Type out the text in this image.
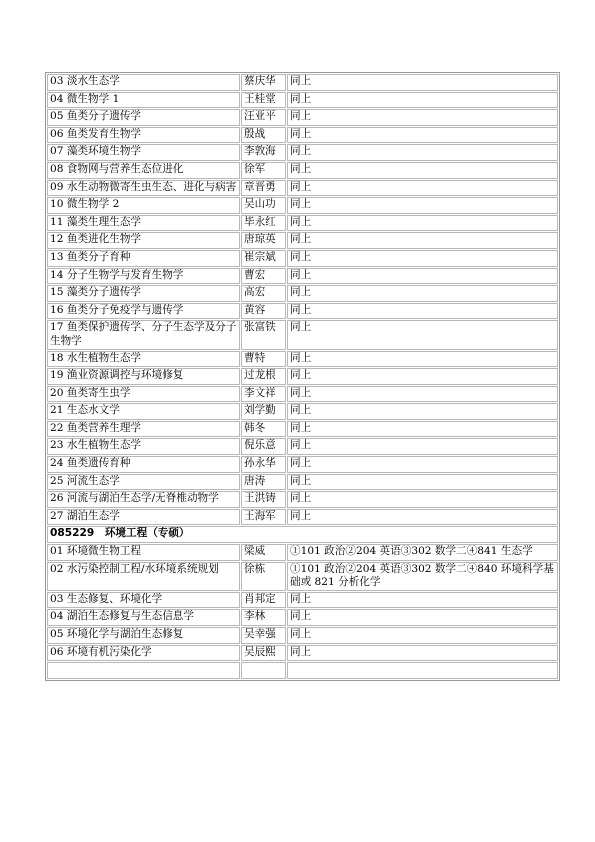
03 淡水生态学	蔡庆华	同上
04 微生物学 1	王桂堂	同上
05 鱼类分子遗传学	汪亚平	同上
06 鱼类发育生物学	殷战	同上
07 藻类环境生物学	李敦海	同上
08 食物网与营养生态位进化	徐军	同上
09 水生动物微寄生虫生态、进化与病害	章晋勇	同上
10 微生物学 2	吴山功	同上
11 藻类生理生态学	毕永红	同上
12 鱼类进化生物学	唐琼英	同上
13 鱼类分子育种	崔宗斌	同上
14 分子生物学与发育生物学	曹宏	同上
15 藻类分子遗传学	高宏	同上
16 鱼类分子免疫学与遗传学	黄容	同上
17 鱼类保护遗传学、分子生态学及分子生物学	张富铁	同上
18 水生植物生态学	曹特	同上
19 渔业资源调控与环境修复	过龙根	同上
20 鱼类寄生虫学	李文祥	同上
21 生态水文学	刘学勤	同上
22 鱼类营养生理学	韩冬	同上
23 水生植物生态学	倪乐意	同上
24 鱼类遗传育种	孙永华	同上
25 河流生态学	唐涛	同上
26 河流与湖泊生态学/无脊椎动物学	王洪铸	同上
27 湖泊生态学	王海军	同上
085229　环境工程（专硕）		
01 环境微生物工程	梁威	①101 政治②204 英语③302 数学二④841 生态学
02 水污染控制工程/水环境系统规划	徐栋	①101 政治②204 英语③302 数学二④840 环境科学基础或 821 分析化学
03 生态修复、环境化学	肖邦定	同上
04 湖泊生态修复与生态信息学	李林	同上
05 环境化学与湖泊生态修复	吴幸强	同上
06 环境有机污染化学	吴辰熙	同上
